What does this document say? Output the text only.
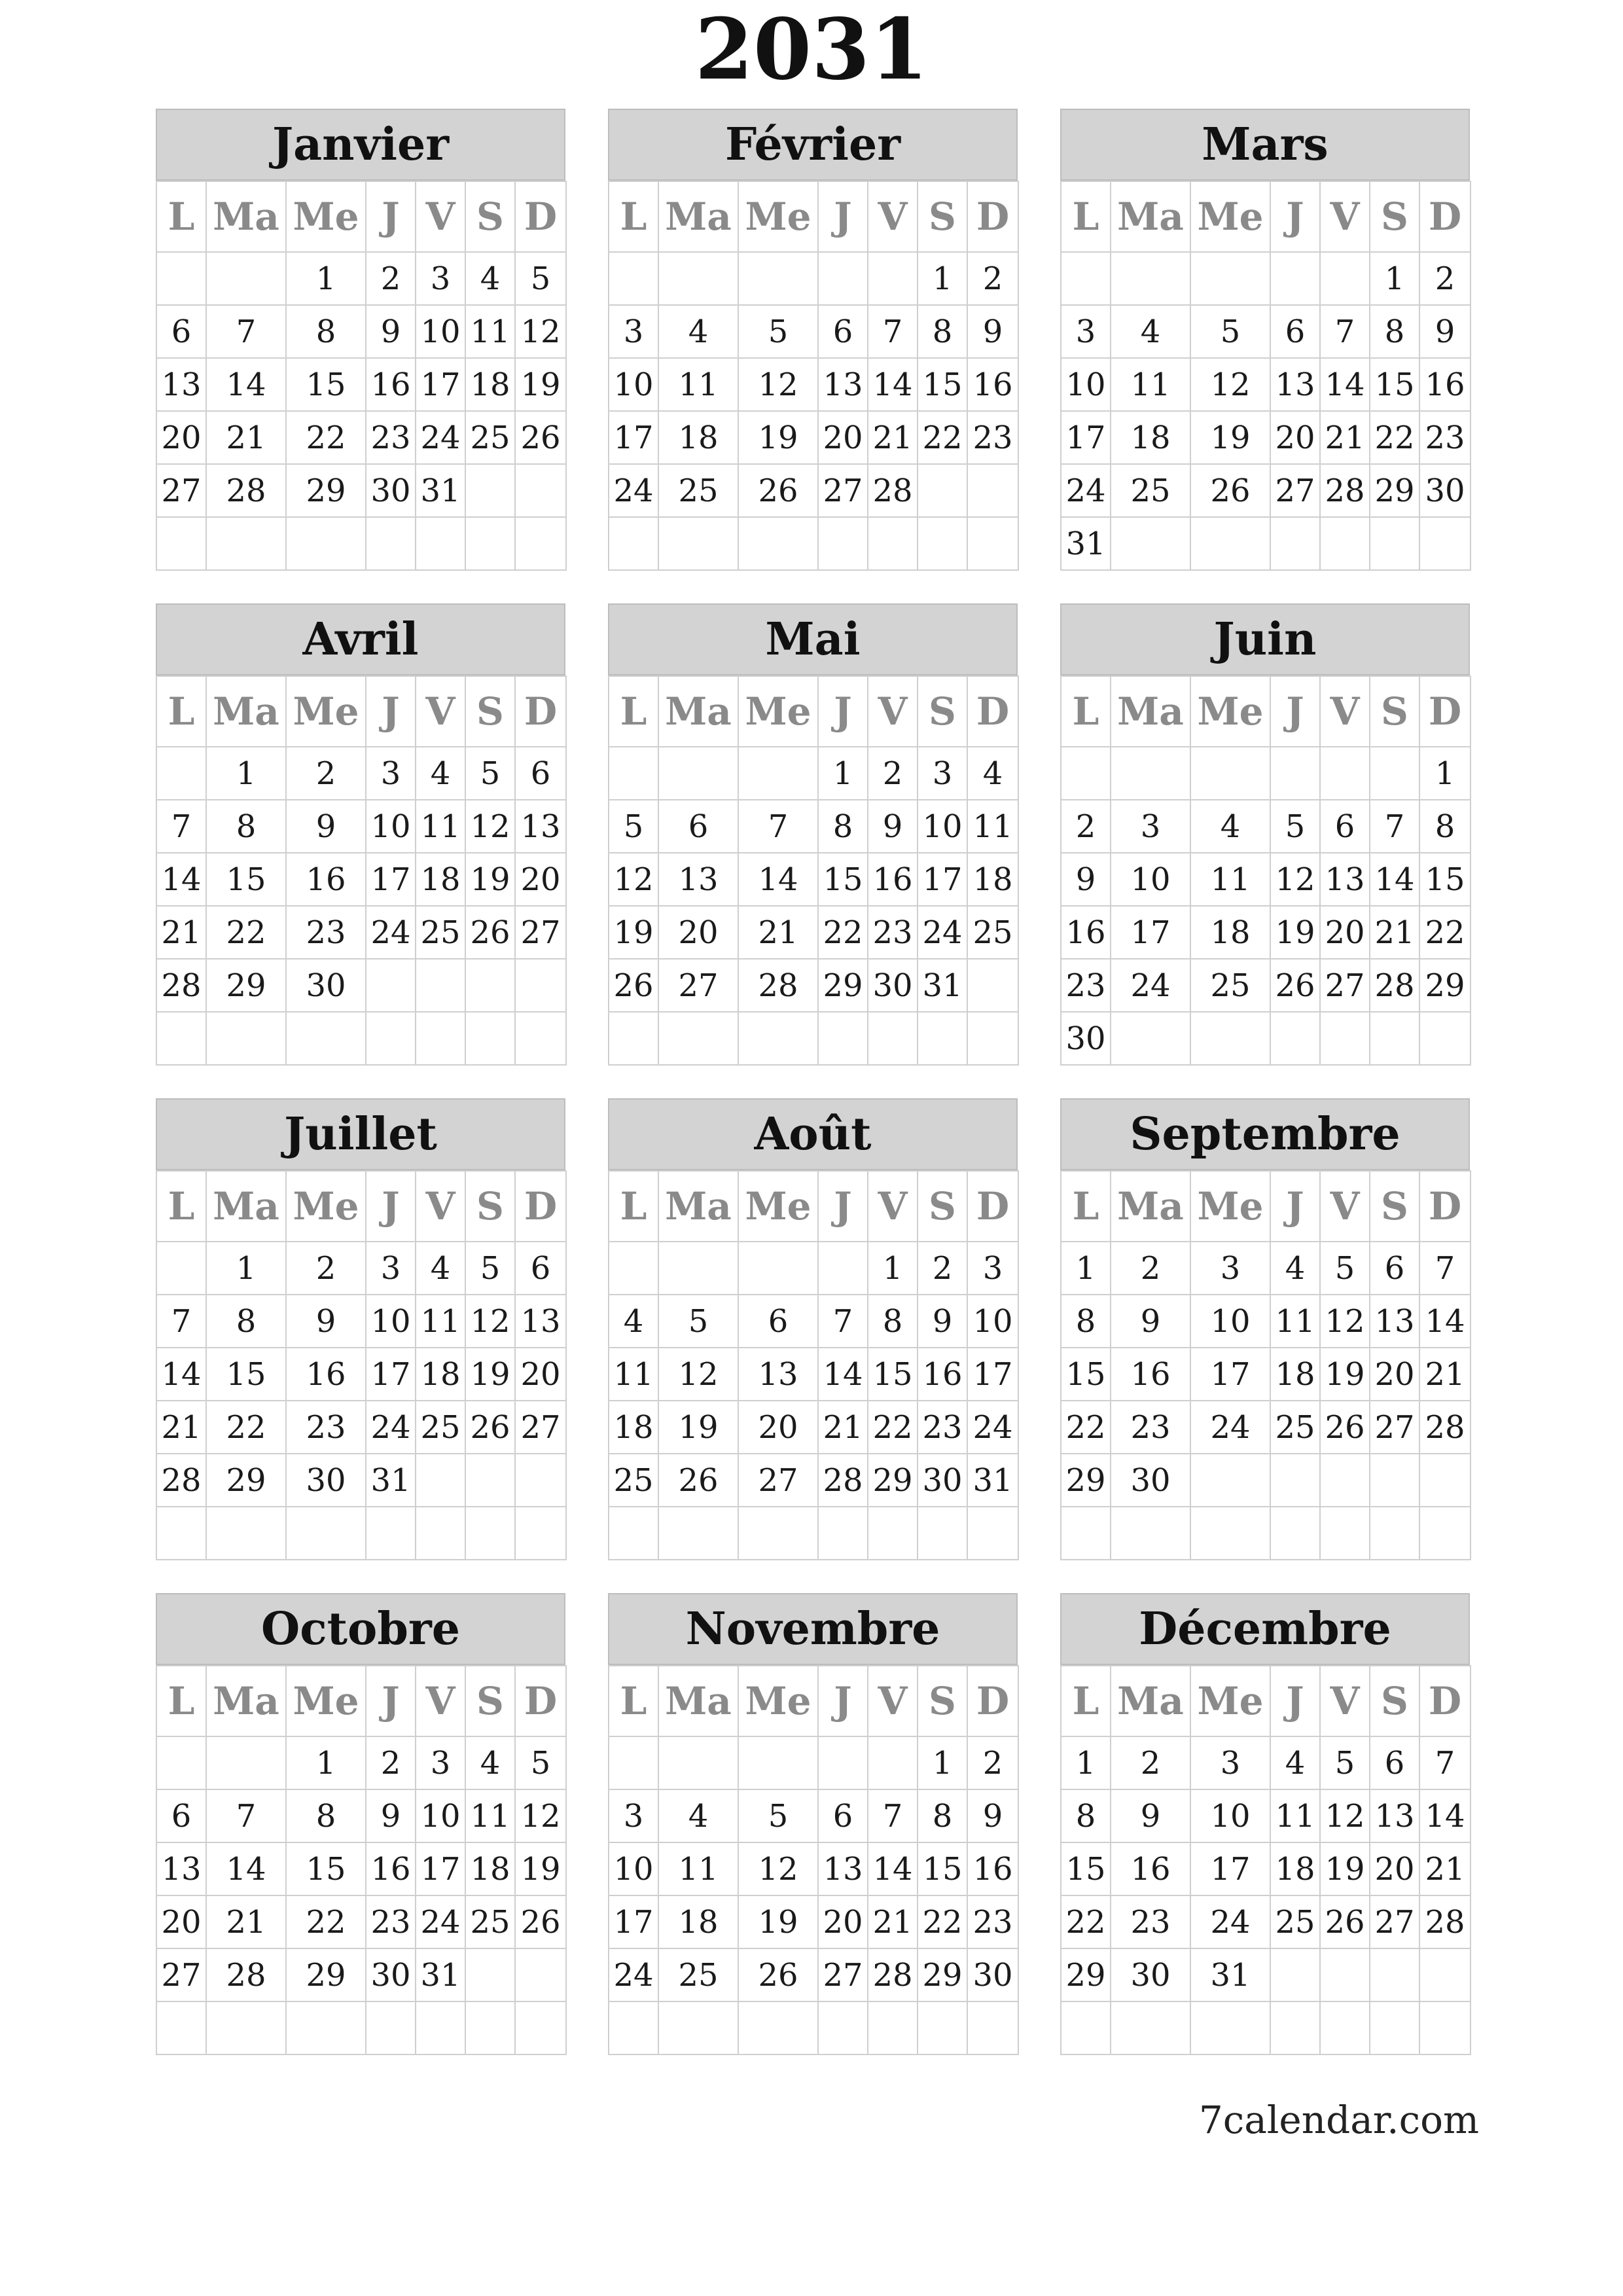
2031
Janvier
L	Ma	Me	J	V	S	D
		1	2	3	4	5
6	7	8	9	10	11	12
13	14	15	16	17	18	19
20	21	22	23	24	25	26
27	28	29	30	31		

Février
L	Ma	Me	J	V	S	D
					1	2
3	4	5	6	7	8	9
10	11	12	13	14	15	16
17	18	19	20	21	22	23
24	25	26	27	28		

Mars
L	Ma	Me	J	V	S	D
					1	2
3	4	5	6	7	8	9
10	11	12	13	14	15	16
17	18	19	20	21	22	23
24	25	26	27	28	29	30
31						
Avril
L	Ma	Me	J	V	S	D
	1	2	3	4	5	6
7	8	9	10	11	12	13
14	15	16	17	18	19	20
21	22	23	24	25	26	27
28	29	30				

Mai
L	Ma	Me	J	V	S	D
			1	2	3	4
5	6	7	8	9	10	11
12	13	14	15	16	17	18
19	20	21	22	23	24	25
26	27	28	29	30	31	

Juin
L	Ma	Me	J	V	S	D
						1
2	3	4	5	6	7	8
9	10	11	12	13	14	15
16	17	18	19	20	21	22
23	24	25	26	27	28	29
30						
Juillet
L	Ma	Me	J	V	S	D
	1	2	3	4	5	6
7	8	9	10	11	12	13
14	15	16	17	18	19	20
21	22	23	24	25	26	27
28	29	30	31			

Août
L	Ma	Me	J	V	S	D
				1	2	3
4	5	6	7	8	9	10
11	12	13	14	15	16	17
18	19	20	21	22	23	24
25	26	27	28	29	30	31

Septembre
L	Ma	Me	J	V	S	D
1	2	3	4	5	6	7
8	9	10	11	12	13	14
15	16	17	18	19	20	21
22	23	24	25	26	27	28
29	30					

Octobre
L	Ma	Me	J	V	S	D
		1	2	3	4	5
6	7	8	9	10	11	12
13	14	15	16	17	18	19
20	21	22	23	24	25	26
27	28	29	30	31		

Novembre
L	Ma	Me	J	V	S	D
					1	2
3	4	5	6	7	8	9
10	11	12	13	14	15	16
17	18	19	20	21	22	23
24	25	26	27	28	29	30

Décembre
L	Ma	Me	J	V	S	D
1	2	3	4	5	6	7
8	9	10	11	12	13	14
15	16	17	18	19	20	21
22	23	24	25	26	27	28
29	30	31				

7calendar.com
